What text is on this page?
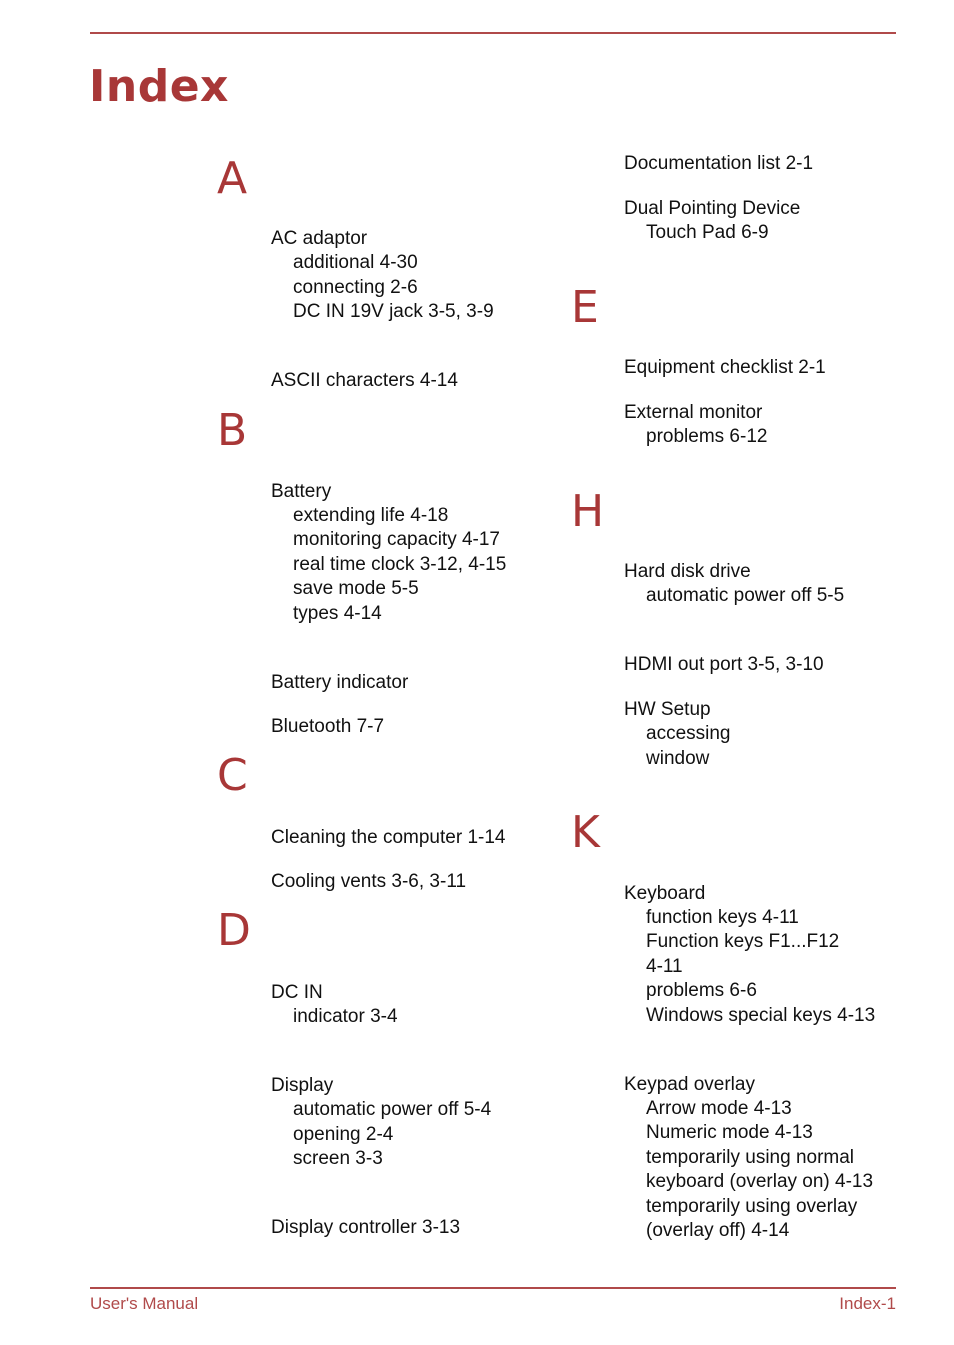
Index
A
AC adaptor
additional 4-30
connecting 2-6
DC IN 19V jack 3-5, 3-9
ASCII characters 4-14
B
Battery
extending life 4-18
monitoring capacity 4-17
real time clock 3-12, 4-15
save mode 5-5
types 4-14
Battery indicator
Bluetooth 7-7
C
Cleaning the computer 1-14
Cooling vents 3-6, 3-11
D
DC IN
indicator 3-4
Display
automatic power off 5-4
opening 2-4
screen 3-3
Display controller 3-13
Documentation list 2-1
Dual Pointing Device
Touch Pad 6-9
E
Equipment checklist 2-1
External monitor
problems 6-12
H
Hard disk drive
automatic power off 5-5
HDMI out port 3-5, 3-10
HW Setup
accessing
window
K
Keyboard
function keys 4-11
Function keys F1...F12
4-11
problems 6-6
Windows special keys 4-13
Keypad overlay
Arrow mode 4-13
Numeric mode 4-13
temporarily using normal
keyboard (overlay on) 4-13
temporarily using overlay
(overlay off) 4-14
User's Manual	Index-1
